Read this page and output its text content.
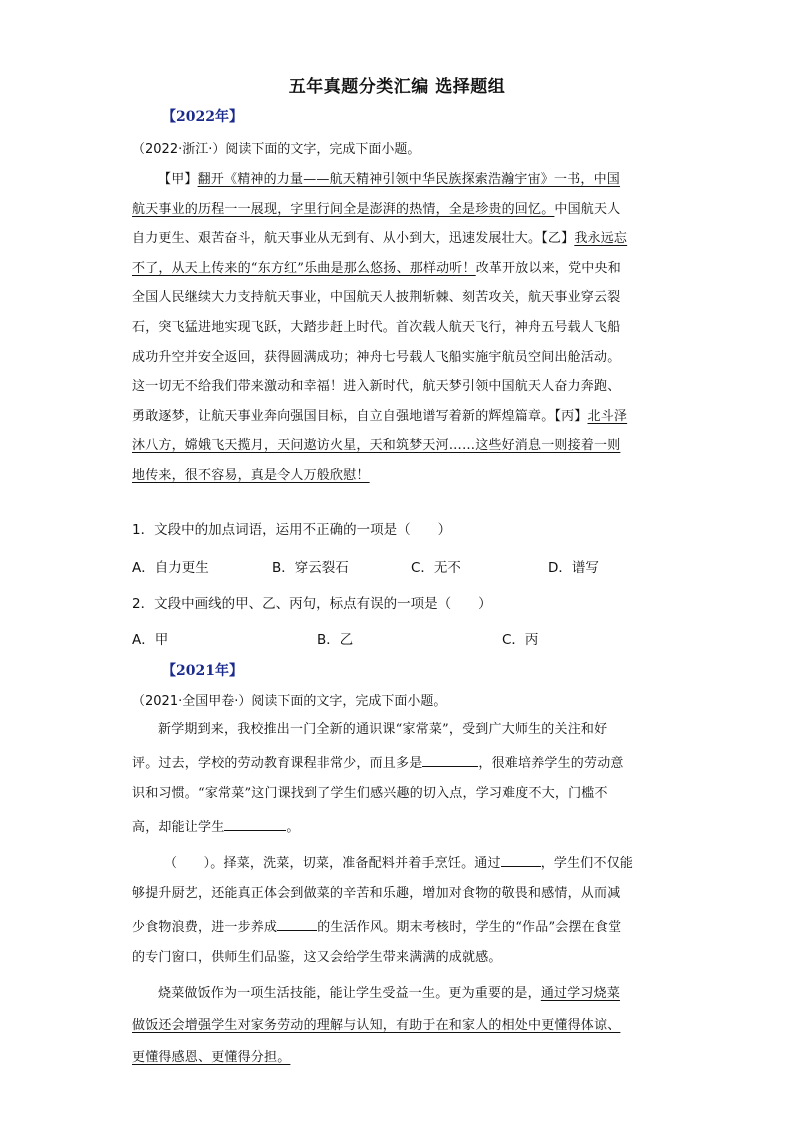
五年真题分类汇编 选择题组
【2022年】
（2022·浙江·）阅读下面的文字，完成下面小题。
【甲】翻开《精神的力量——航天精神引领中华民族探索浩瀚宇宙》一书，中国
航天事业的历程一一展现，字里行间全是澎湃的热情，全是珍贵的回忆。中国航天人
自力更生、艰苦奋斗，航天事业从无到有、从小到大，迅速发展壮大。【乙】我永远忘
不了，从天上传来的“东方红”乐曲是那么悠扬、那样动听！改革开放以来，党中央和
全国人民继续大力支持航天事业，中国航天人披荆斩棘、刻苦攻关，航天事业穿云裂
石，突飞猛进地实现飞跃，大踏步赶上时代。首次载人航天飞行，神舟五号载人飞船
成功升空并安全返回，获得圆满成功；神舟七号载人飞船实施宇航员空间出舱活动。
这一切无不给我们带来激动和幸福！进入新时代，航天梦引领中国航天人奋力奔跑、
勇敢逐梦，让航天事业奔向强国目标，自立自强地谱写着新的辉煌篇章。【丙】北斗泽
沐八方，嫦娥飞天揽月，天问遨访火星，天和筑梦天河……这些好消息一则接着一则
地传来，很不容易，真是令人万般欣慰！
1．文段中的加点词语，运用不正确的一项是（　　）
A．自力更生	B．穿云裂石	C．无不	D．谱写
2．文段中画线的甲、乙、丙句，标点有误的一项是（　　）
A．甲	B．乙	C．丙
【2021年】
（2021·全国甲卷·）阅读下面的文字，完成下面小题。
新学期到来，我校推出一门全新的通识课“家常菜”，受到广大师生的关注和好
评。过去，学校的劳动教育课程非常少，而且多是	，很难培养学生的劳动意
识和习惯。“家常菜”这门课找到了学生们感兴趣的切入点，学习难度不大，门槛不
高，却能让学生	。
（　　）。择菜，洗菜，切菜，准备配料并着手烹饪。通过	，学生们不仅能
够提升厨艺，还能真正体会到做菜的辛苦和乐趣，增加对食物的敬畏和感情，从而减
少食物浪费，进一步养成	的生活作风。期末考核时，学生的“作品”会摆在食堂
的专门窗口，供师生们品鉴，这又会给学生带来满满的成就感。
烧菜做饭作为一项生活技能，能让学生受益一生。更为重要的是，通过学习烧菜
做饭还会增强学生对家务劳动的理解与认知，有助于在和家人的相处中更懂得体谅、
更懂得感恩、更懂得分担。
